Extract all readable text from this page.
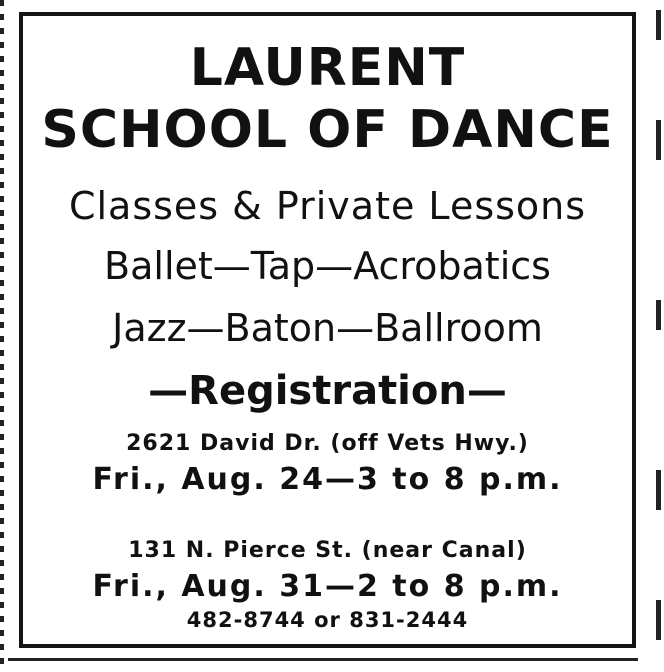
LAURENT
SCHOOL OF DANCE
Classes & Private Lessons
Ballet—Tap—Acrobatics
Jazz—Baton—Ballroom
—Registration—
2621 David Dr. (off Vets Hwy.)
Fri., Aug. 24—3 to 8 p.m.
131 N. Pierce St. (near Canal)
Fri., Aug. 31—2 to 8 p.m.
482-8744 or 831-2444
